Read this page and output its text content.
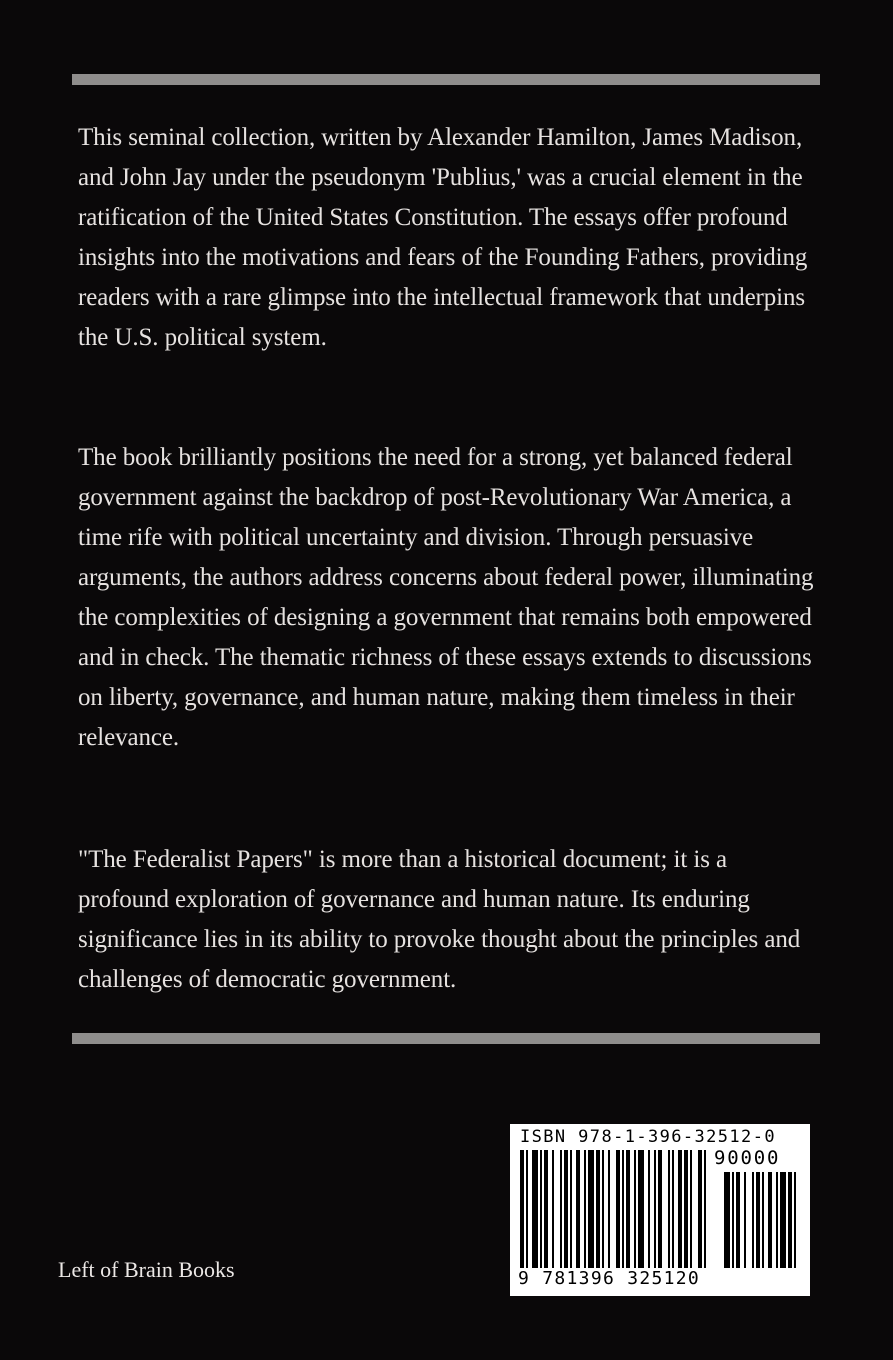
This seminal collection, written by Alexander Hamilton, James Madison, and John Jay under the pseudonym 'Publius,' was a crucial element in the ratification of the United States Constitution. The essays offer profound insights into the motivations and fears of the Founding Fathers, providing readers with a rare glimpse into the intellectual framework that underpins the U.S. political system.

The book brilliantly positions the need for a strong, yet balanced federal government against the backdrop of post-Revolutionary War America, a time rife with political uncertainty and division. Through persuasive arguments, the authors address concerns about federal power, illuminating the complexities of designing a government that remains both empowered and in check. The thematic richness of these essays extends to discussions on liberty, governance, and human nature, making them timeless in their relevance.

"The Federalist Papers" is more than a historical document; it is a profound exploration of governance and human nature. Its enduring significance lies in its ability to provoke thought about the principles and challenges of democratic government.

Left of Brain Books
ISBN 978-1-396-32512-0
90000
9 781396 325120
